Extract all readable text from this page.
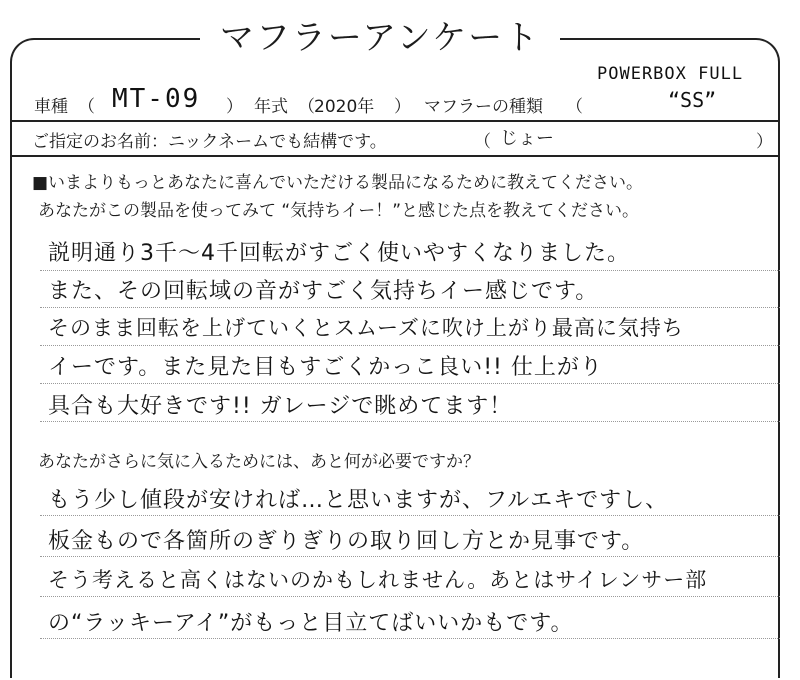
マフラーアンケート
車種 （ MT-09 ） 年式 （ 2020年 ） マフラーの種類 （
POWERBOX FULL
“SS”
ご指定のお名前：ニックネームでも結構です。	（ じょー	）
■いまよりもっとあなたに喜んでいただける製品になるために教えてください。
あなたがこの製品を使ってみて “気持ちイー！”と感じた点を教えてください。
説明通り3千〜4千回転がすごく使いやすくなりました。
また、その回転域の音がすごく気持ちイー感じです。
そのまま回転を上げていくとスムーズに吹け上がり最高に気持ち
イーです。また見た目もすごくかっこ良い!! 仕上がり
具合も大好きです!! ガレージで眺めてます！
あなたがさらに気に入るためには、あと何が必要ですか？
もう少し値段が安ければ…と思いますが、フルエキですし、
板金もので各箇所のぎりぎりの取り回し方とか見事です。
そう考えると高くはないのかもしれません。あとはサイレンサー部
の“ラッキーアイ”がもっと目立てばいいかもです。
